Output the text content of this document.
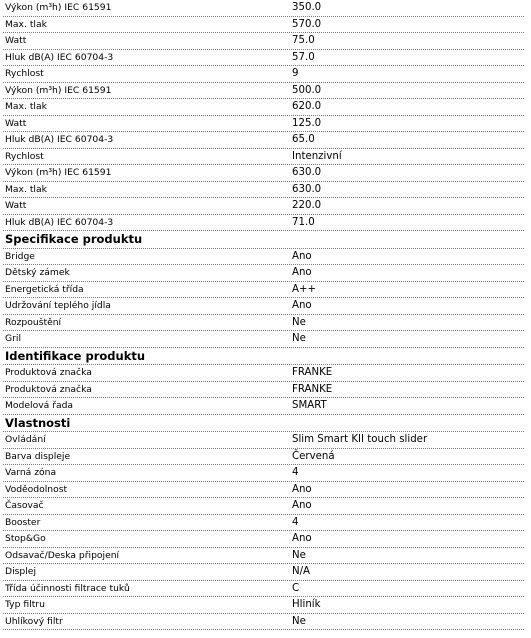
Výkon (m³h) IEC 61591	350.0
Max. tlak	570.0
Watt	75.0
Hluk dB(A) IEC 60704-3	57.0
Rychlost	9
Výkon (m³h) IEC 61591	500.0
Max. tlak	620.0
Watt	125.0
Hluk dB(A) IEC 60704-3	65.0
Rychlost	Intenzivní
Výkon (m³h) IEC 61591	630.0
Max. tlak	630.0
Watt	220.0
Hluk dB(A) IEC 60704-3	71.0
Specifikace produktu
Bridge	Ano
Dětský zámek	Ano
Energetická třída	A++
Udržování teplého jídla	Ano
Rozpouštění	Ne
Gril	Ne
Identifikace produktu
Produktová značka	FRANKE
Produktová značka	FRANKE
Modelová řada	SMART
Vlastnosti
Ovládání	Slim Smart KII touch slider
Barva displeje	Červená
Varná zóna	4
Voděodolnost	Ano
Časovač	Ano
Booster	4
Stop&Go	Ano
Odsavač/Deska připojení	Ne
Displej	N/A
Třída účinnosti filtrace tuků	C
Typ filtru	Hliník
Uhlíkový filtr	Ne
